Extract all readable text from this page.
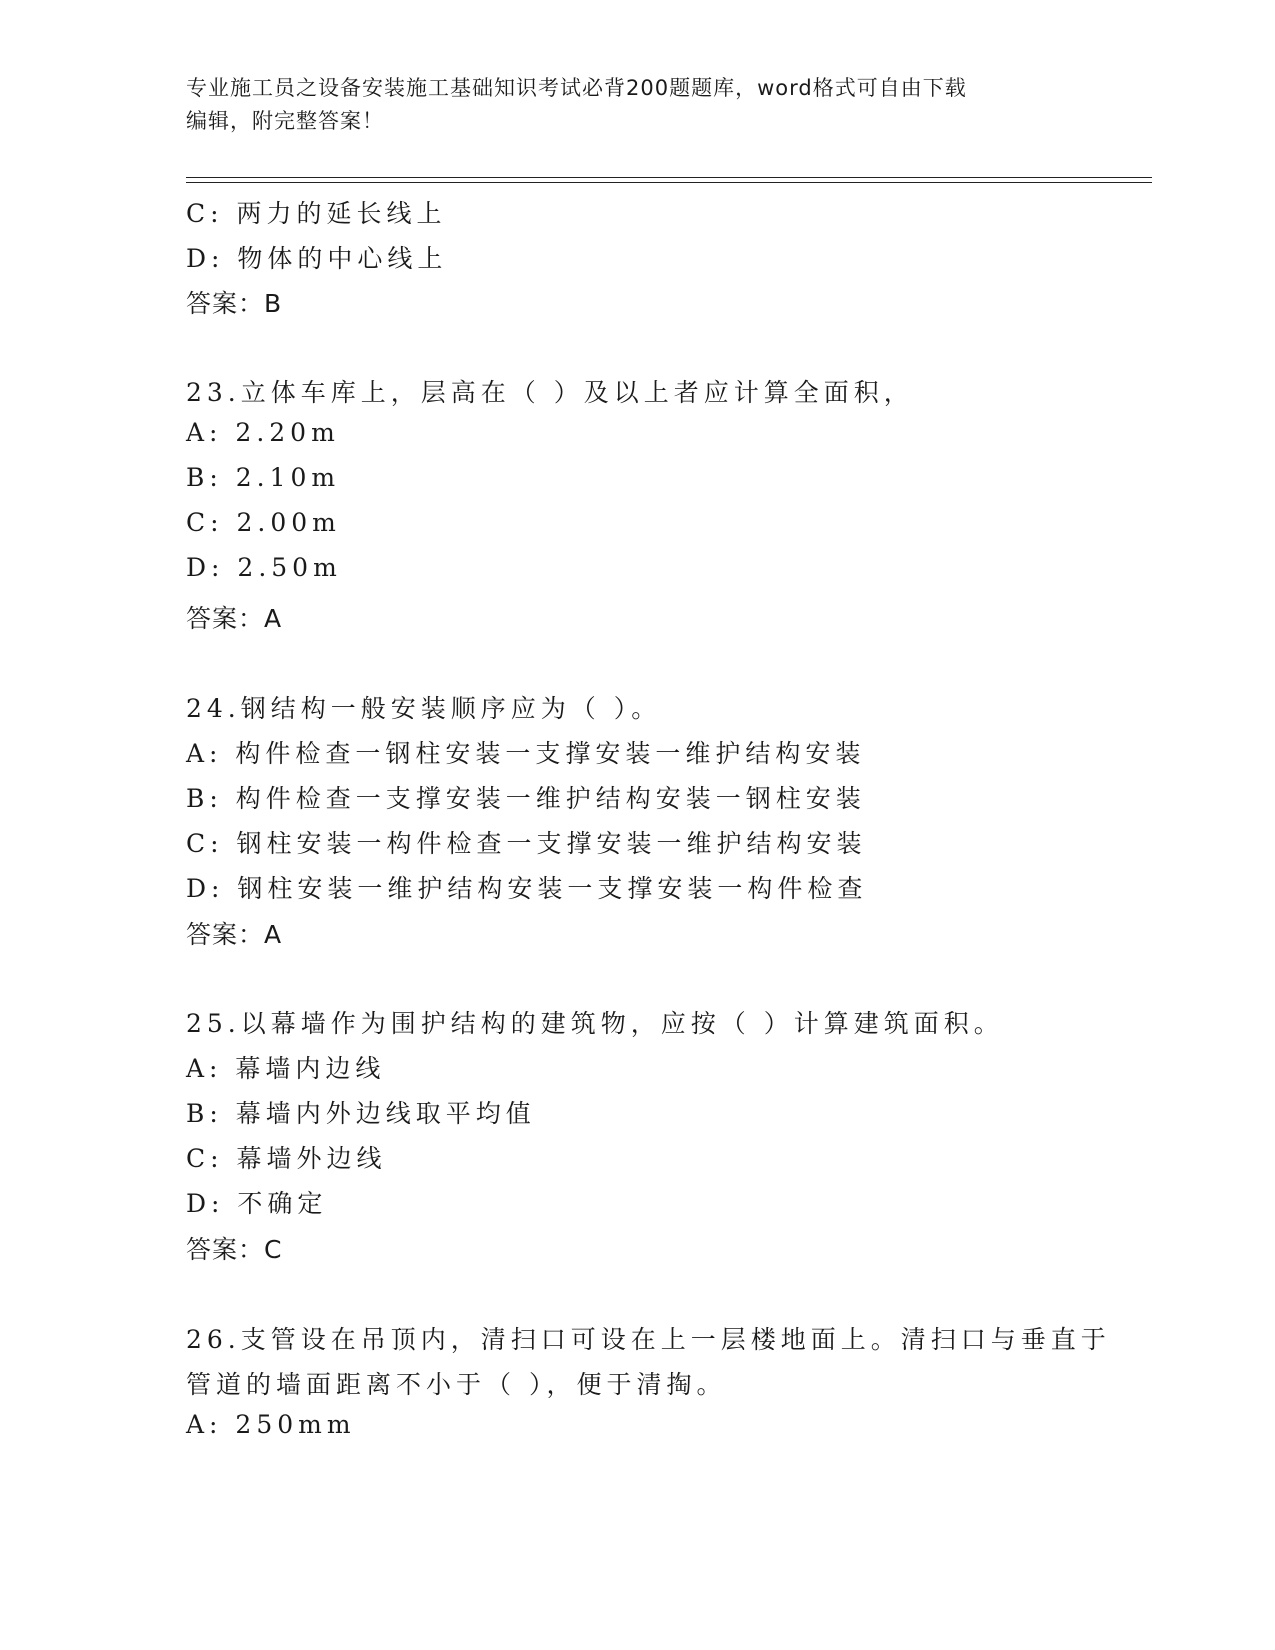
专业施工员之设备安装施工基础知识考试必背200题题库，word格式可自由下载
编辑，附完整答案！
C: 两力的延长线上
D: 物体的中心线上
答案：B
23.立体车库上，层高在（ ）及以上者应计算全面积，
A: 2.20m
B: 2.10m
C: 2.00m
D: 2.50m
答案：A
24.钢结构一般安装顺序应为（ ）。
A: 构件检查一钢柱安装一支撑安装一维护结构安装
B: 构件检查一支撑安装一维护结构安装一钢柱安装
C: 钢柱安装一构件检查一支撑安装一维护结构安装
D: 钢柱安装一维护结构安装一支撑安装一构件检查
答案：A
25.以幕墙作为围护结构的建筑物，应按（ ）计算建筑面积。
A: 幕墙内边线
B: 幕墙内外边线取平均值
C: 幕墙外边线
D: 不确定
答案：C
26.支管设在吊顶内，清扫口可设在上一层楼地面上。清扫口与垂直于
管道的墙面距离不小于（ ），便于清掏。
A: 250mm
